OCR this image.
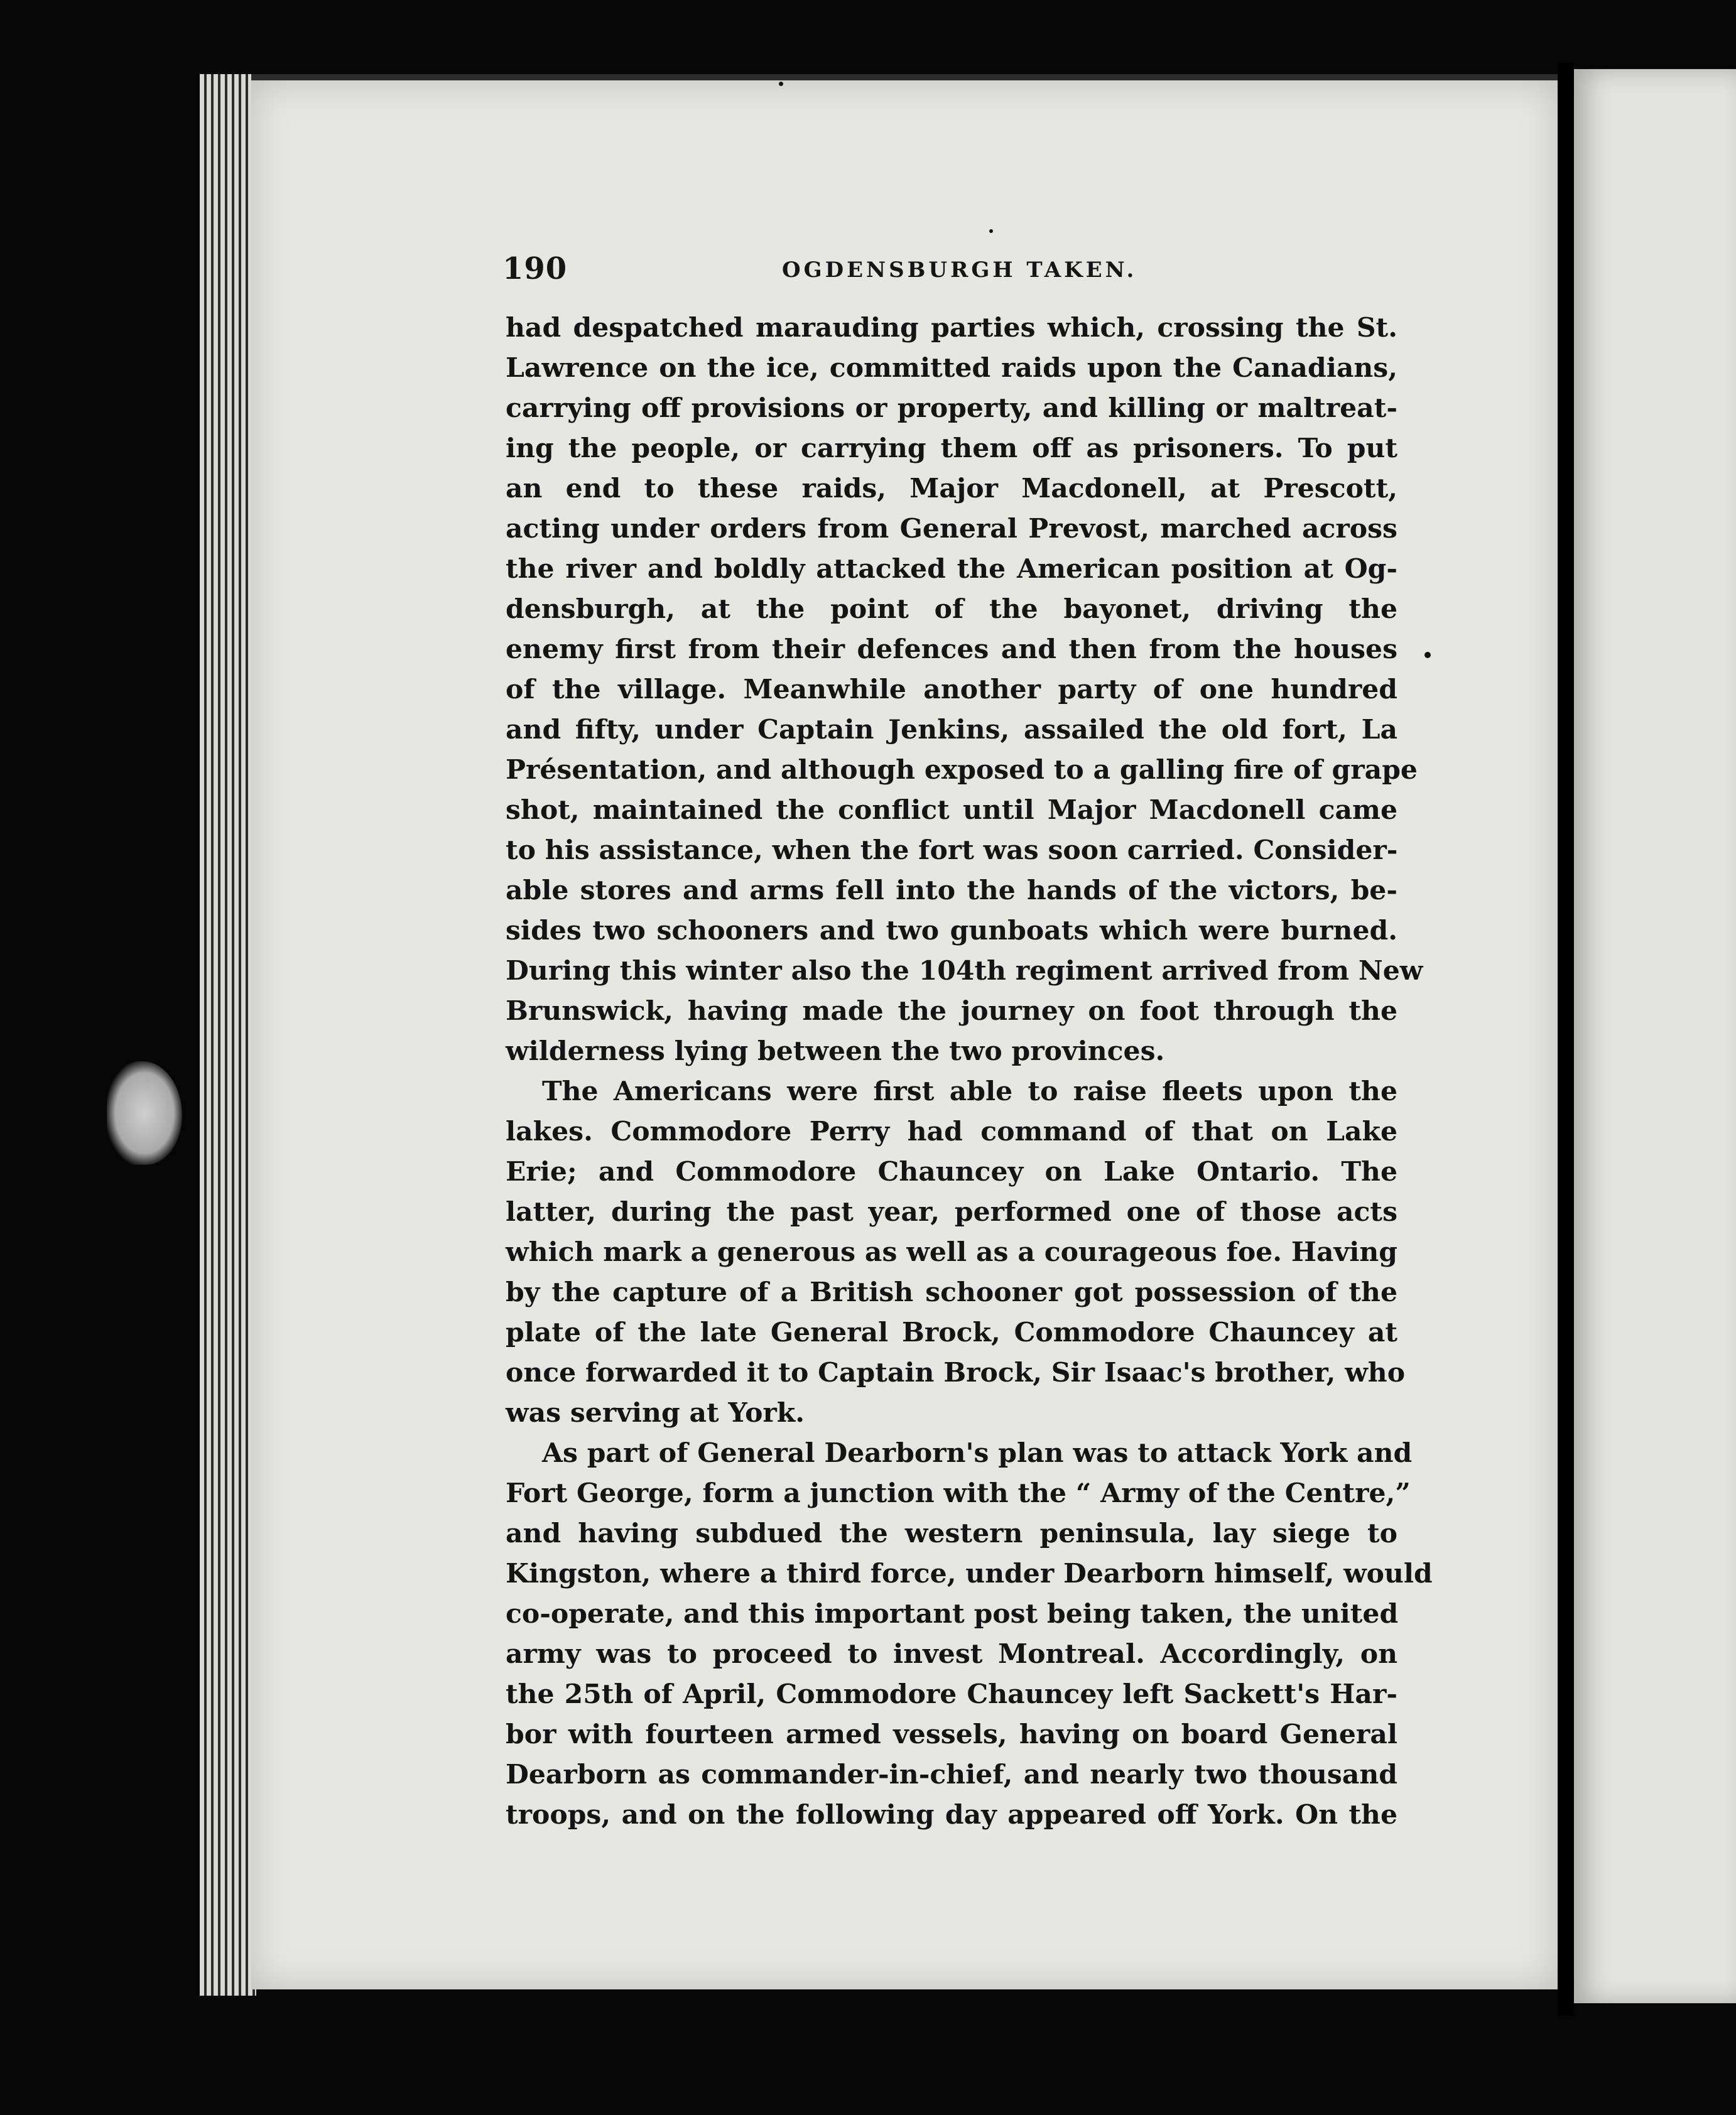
190	OGDENSBURGH TAKEN.
had despatched marauding parties which, crossing the St.
Lawrence on the ice, committed raids upon the Canadians,
carrying off provisions or property, and killing or maltreat-
ing the people, or carrying them off as prisoners. To put
an end to these raids, Major Macdonell, at Prescott,
acting under orders from General Prevost, marched across
the river and boldly attacked the American position at Og-
densburgh, at the point of the bayonet, driving the
enemy first from their defences and then from the houses
of the village. Meanwhile another party of one hundred
and fifty, under Captain Jenkins, assailed the old fort, La
Présentation, and although exposed to a galling fire of grape
shot, maintained the conflict until Major Macdonell came
to his assistance, when the fort was soon carried. Consider-
able stores and arms fell into the hands of the victors, be-
sides two schooners and two gunboats which were burned.
During this winter also the 104th regiment arrived from New
Brunswick, having made the journey on foot through the
wilderness lying between the two provinces.
The Americans were first able to raise fleets upon the
lakes. Commodore Perry had command of that on Lake
Erie; and Commodore Chauncey on Lake Ontario. The
latter, during the past year, performed one of those acts
which mark a generous as well as a courageous foe. Having
by the capture of a British schooner got possession of the
plate of the late General Brock, Commodore Chauncey at
once forwarded it to Captain Brock, Sir Isaac's brother, who
was serving at York.
As part of General Dearborn's plan was to attack York and
Fort George, form a junction with the “ Army of the Centre,”
and having subdued the western peninsula, lay siege to
Kingston, where a third force, under Dearborn himself, would
co-operate, and this important post being taken, the united
army was to proceed to invest Montreal. Accordingly, on
the 25th of April, Commodore Chauncey left Sackett's Har-
bor with fourteen armed vessels, having on board General
Dearborn as commander-in-chief, and nearly two thousand
troops, and on the following day appeared off York. On the
